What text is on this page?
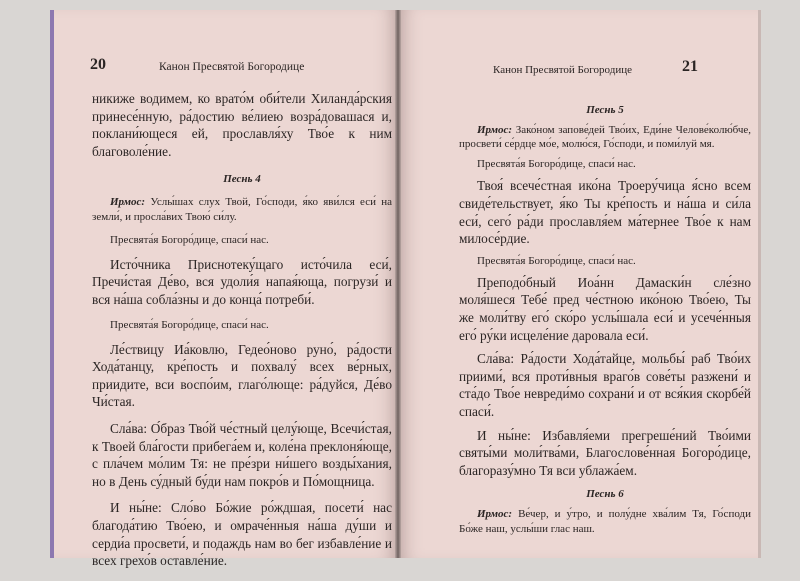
20	Канон Пресвятой Богородице

никиже водимем, ко врато́м оби́тели Хиланда́рския принесе́нную, ра́достию ве́лиею возра́довашася и, поклани́ющеся ей, прославля́ху Тво́е к ним благоволе́ние.

Песнь 4

Ирмос: Услы́шах слух Твой, Го́споди, я́ко яви́лся еси́ на земли́, и просла́вих Твою́ си́лу.

Пресвята́я Богоро́дице, спаси́ нас.

Исто́чника Приснотеку́щаго исто́чила еси́, Пречи́стая Де́во, вся удоли́я напая́юща, погрузи́ и вся на́ша собла́зны и до конца́ потреби́.

Пресвята́я Богоро́дице, спаси́ нас.

Ле́ствицу Иа́ковлю, Гедео́ново руно́, ра́дости Хода́танцу, кре́пость и похвалу́ всех ве́рных, приидите, вси воспо́им, глаго́люще: ра́дуйся, Де́во Чи́стая.

Сла́ва: О́браз Тво́й че́стный целу́юще, Всечи́стая, к Твоей бла́гости прибега́ем и, коле́на преклоня́юще, с пла́чем мо́лим Тя: не пре́зри ни́шего возды́хания, но в День су́дный бу́ди нам покро́в и По́мощница.

И ны́не: Сло́во Бо́жие ро́ждшая, посети́ нас благода́тию Тво́ею, и омраче́нныя на́ша ду́ши и серди́а просвети́, и подаждь нам во бег избавле́ние и всех грехо́в оставле́ние.

Канон Пресвятой Богородице	21

Песнь 5

Ирмос: Зако́ном запове́дей Тво́их, Еди́не Челове́колю́бче, просвети́ се́рдце мо́е, молю́ся, Го́споди, и поми́луй мя.

Пресвята́я Богоро́дице, спаси́ нас.

Твоя́ всече́стная ико́на Троеру́чица я́сно всем свиде́тельствует, я́ко Ты кре́пость и на́ша и си́ла еси́, сего́ ра́ди прославля́ем ма́тернее Тво́е к нам милосе́рдие.

Пресвята́я Богоро́дице, спаси́ нас.

Преподо́бный Иоа́нн Дамаски́н сле́зно моля́шеся Тебе́ пред че́стною ико́ною Тво́ею, Ты же моли́тву его́ ско́ро услы́шала еси́ и усече́нныя его́ ру́ки исцеле́ние даровала еси́.

Сла́ва: Ра́дости Хода́тайце, мольбы́ раб Тво́их приими́, вся проти́вныя враго́в сове́ты разжени́ и ста́до Тво́е невреди́мо сохрани́ и от вся́кия скорбе́й спаси́.

И ны́не: Избавля́еми прегреше́ний Тво́ими святы́ми моли́тва́ми, Благослове́нная Богоро́дице, благоразу́мно Тя вси ублажа́ем.

Песнь 6

Ирмос: Ве́чер, и у́тро, и полу́дне хва́лим Тя, Го́споди Бо́же наш, услы́ши глас наш.
